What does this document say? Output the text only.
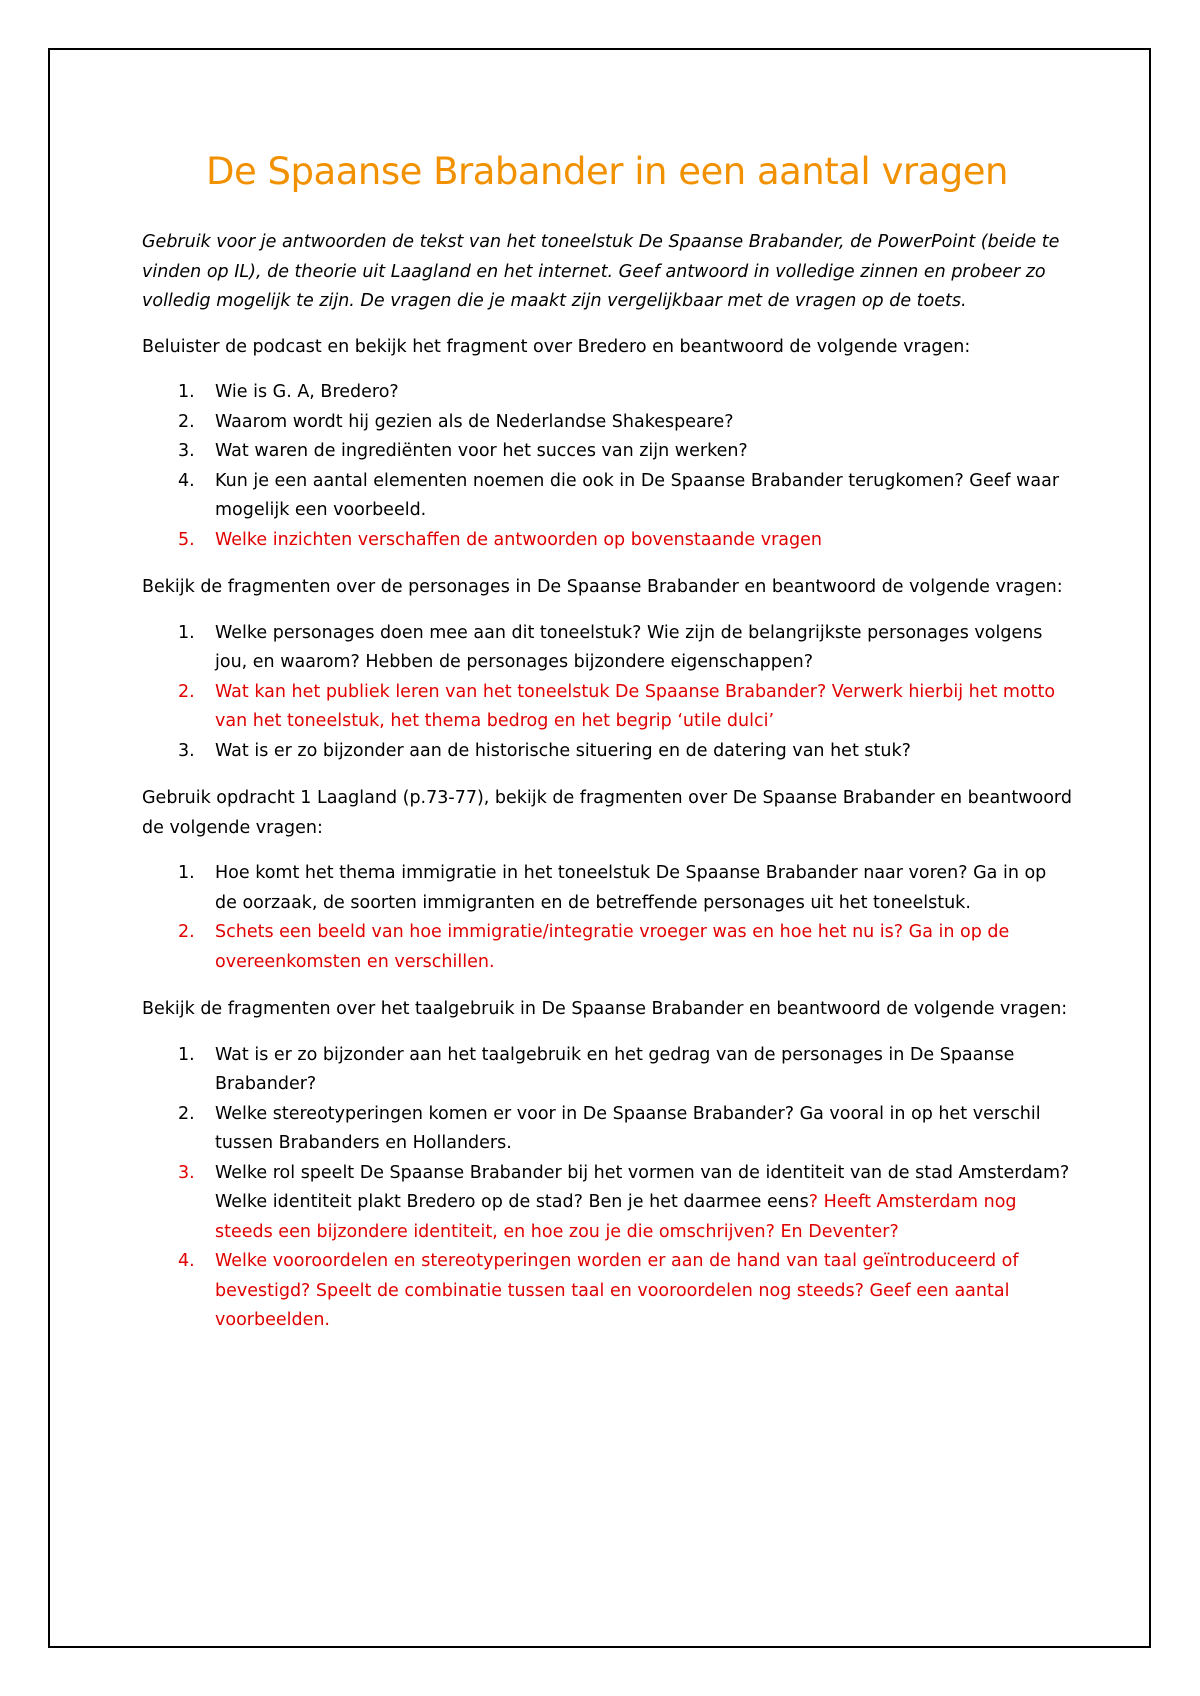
De Spaanse Brabander in een aantal vragen

Gebruik voor je antwoorden de tekst van het toneelstuk De Spaanse Brabander, de PowerPoint (beide te vinden op IL), de theorie uit Laagland en het internet. Geef antwoord in volledige zinnen en probeer zo volledig mogelijk te zijn. De vragen die je maakt zijn vergelijkbaar met de vragen op de toets.

Beluister de podcast en bekijk het fragment over Bredero en beantwoord de volgende vragen:

1. Wie is G. A, Bredero?
2. Waarom wordt hij gezien als de Nederlandse Shakespeare?
3. Wat waren de ingrediënten voor het succes van zijn werken?
4. Kun je een aantal elementen noemen die ook in De Spaanse Brabander terugkomen? Geef waar mogelijk een voorbeeld.
5. Welke inzichten verschaffen de antwoorden op bovenstaande vragen

Bekijk de fragmenten over de personages in De Spaanse Brabander en beantwoord de volgende vragen:

1. Welke personages doen mee aan dit toneelstuk? Wie zijn de belangrijkste personages volgens jou, en waarom? Hebben de personages bijzondere eigenschappen?
2. Wat kan het publiek leren van het toneelstuk De Spaanse Brabander? Verwerk hierbij het motto van het toneelstuk, het thema bedrog en het begrip ‘utile dulci’
3. Wat is er zo bijzonder aan de historische situering en de datering van het stuk?

Gebruik opdracht 1 Laagland (p.73-77), bekijk de fragmenten over De Spaanse Brabander en beantwoord de volgende vragen:

1. Hoe komt het thema immigratie in het toneelstuk De Spaanse Brabander naar voren? Ga in op de oorzaak, de soorten immigranten en de betreffende personages uit het toneelstuk.
2. Schets een beeld van hoe immigratie/integratie vroeger was en hoe het nu is? Ga in op de overeenkomsten en verschillen.

Bekijk de fragmenten over het taalgebruik in De Spaanse Brabander en beantwoord de volgende vragen:

1. Wat is er zo bijzonder aan het taalgebruik en het gedrag van de personages in De Spaanse Brabander?
2. Welke stereotyperingen komen er voor in De Spaanse Brabander? Ga vooral in op het verschil tussen Brabanders en Hollanders.
3. Welke rol speelt De Spaanse Brabander bij het vormen van de identiteit van de stad Amsterdam? Welke identiteit plakt Bredero op de stad? Ben je het daarmee eens? Heeft Amsterdam nog steeds een bijzondere identiteit, en hoe zou je die omschrijven? En Deventer?
4. Welke vooroordelen en stereotyperingen worden er aan de hand van taal geïntroduceerd of bevestigd? Speelt de combinatie tussen taal en vooroordelen nog steeds? Geef een aantal voorbeelden.
